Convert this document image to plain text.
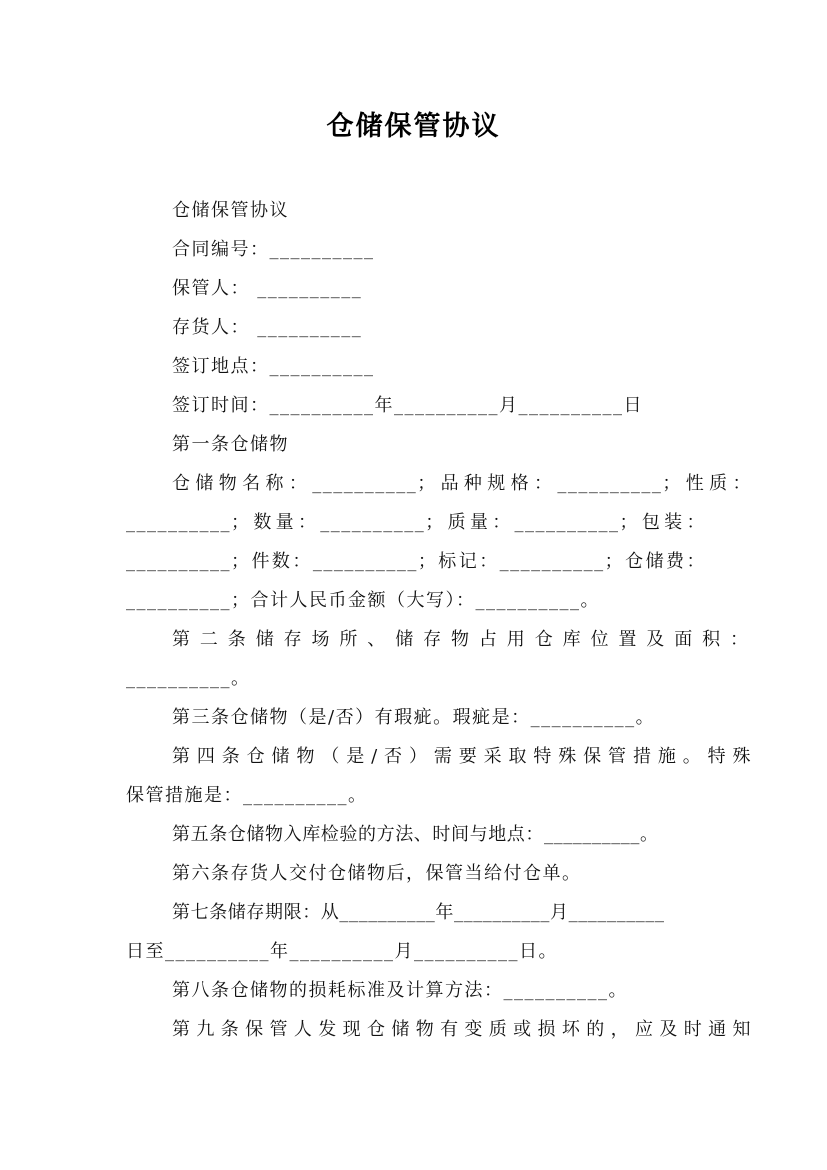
仓储保管协议
仓储保管协议
合同编号：__________
保管人： __________
存货人： __________
签订地点：__________
签订时间：__________年__________月__________日
第一条仓储物
仓储物名称：__________；品种规格：__________；性质：
__________；数量：__________；质量：__________；包装：
__________；件数：__________；标记：__________；仓储费：
__________；合计人民币金额（大写）：__________。
第二条储存场所、储存物占用仓库位置及面积：
__________。
第三条仓储物（是/否）有瑕疵。瑕疵是：__________。
第四条仓储物（是/否）需要采取特殊保管措施。特殊
保管措施是：__________。
第五条仓储物入库检验的方法、时间与地点：__________。
第六条存货人交付仓储物后，保管当给付仓单。
第七条储存期限：从__________年__________月__________
日至__________年__________月__________日。
第八条仓储物的损耗标准及计算方法：__________。
第九条保管人发现仓储物有变质或损坏的，应及时通知
